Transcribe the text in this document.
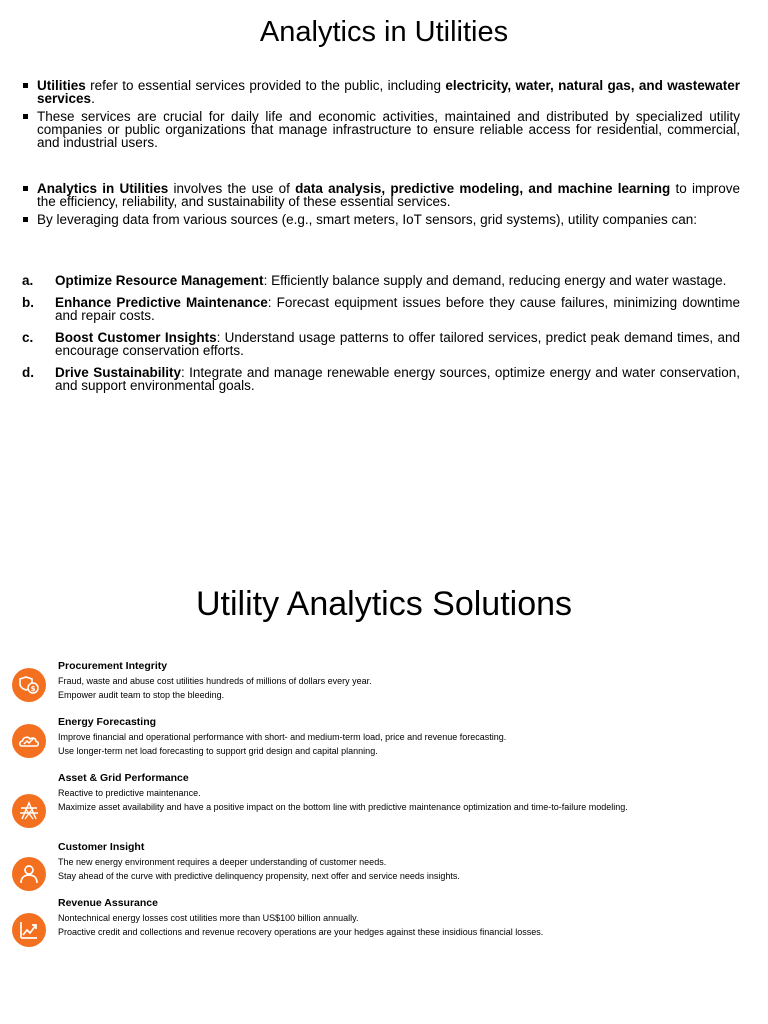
Analytics in Utilities
Utilities refer to essential services provided to the public, including electricity, water, natural gas, and wastewater services.
These services are crucial for daily life and economic activities, maintained and distributed by specialized utility companies or public organizations that manage infrastructure to ensure reliable access for residential, commercial, and industrial users.
Analytics in Utilities involves the use of data analysis, predictive modeling, and machine learning to improve the efficiency, reliability, and sustainability of these essential services.
By leveraging data from various sources (e.g., smart meters, IoT sensors, grid systems), utility companies can:
a. Optimize Resource Management: Efficiently balance supply and demand, reducing energy and water wastage.
b. Enhance Predictive Maintenance: Forecast equipment issues before they cause failures, minimizing downtime and repair costs.
c. Boost Customer Insights: Understand usage patterns to offer tailored services, predict peak demand times, and encourage conservation efforts.
d. Drive Sustainability: Integrate and manage renewable energy sources, optimize energy and water conservation, and support environmental goals.
Utility Analytics Solutions
$
Procurement Integrity
Fraud, waste and abuse cost utilities hundreds of millions of dollars every year.
Empower audit team to stop the bleeding.
Energy Forecasting
Improve financial and operational performance with short- and medium-term load, price and revenue forecasting.
Use longer-term net load forecasting to support grid design and capital planning.
Asset & Grid Performance
Reactive to predictive maintenance.
Maximize asset availability and have a positive impact on the bottom line with predictive maintenance optimization and time-to-failure modeling.
Customer Insight
The new energy environment requires a deeper understanding of customer needs.
Stay ahead of the curve with predictive delinquency propensity, next offer and service needs insights.
Revenue Assurance
Nontechnical energy losses cost utilities more than US$100 billion annually.
Proactive credit and collections and revenue recovery operations are your hedges against these insidious financial losses.
